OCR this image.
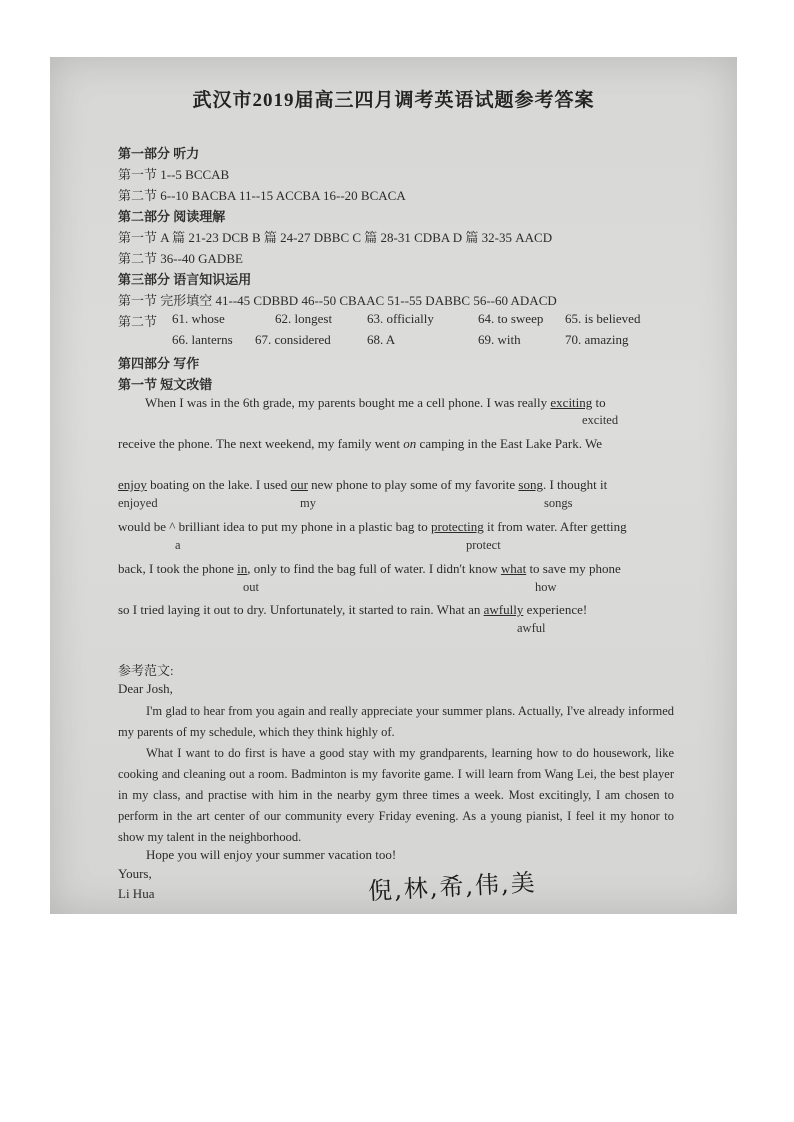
武汉市2019届高三四月调考英语试题参考答案
第一部分 听力
第一节 1--5 BCCAB
第二节 6--10 BACBA 11--15 ACCBA 16--20 BCACA
第二部分 阅读理解
第一节 A 篇 21-23 DCB B 篇 24-27 DBBC C 篇 28-31 CDBA D 篇 32-35 AACD
第二节 36--40 GADBE
第三部分 语言知识运用
第一节 完形填空 41--45 CDBBD 46--50 CBAAC 51--55 DABBC 56--60 ADACD
第二节 61. whose	62. longest	63. officially	64. to sweep 65. is believed
66. lanterns 67. considered	68. A	69. with	70. amazing
第四部分 写作
第一节 短文改错
When I was in the 6th grade, my parents bought me a cell phone. I was really exciting to
excited
receive the phone. The next weekend, my family went on camping in the East Lake Park. We
enjoy boating on the lake. I used our new phone to play some of my favorite song. I thought it
enjoyed	my	songs
would be ^ brilliant idea to put my phone in a plastic bag to protecting it from water. After getting
a	protect
back, I took the phone in, only to find the bag full of water. I didn't know what to save my phone
out	how
so I tried laying it out to dry. Unfortunately, it started to rain. What an awfully experience!
awful
参考范文:
Dear Josh,
I'm glad to hear from you again and really appreciate your summer plans. Actually, I've already informed my parents of my schedule, which they think highly of.
What I want to do first is have a good stay with my grandparents, learning how to do housework, like cooking and cleaning out a room. Badminton is my favorite game. I will learn from Wang Lei, the best player in my class, and practise with him in the nearby gym three times a week. Most excitingly, I am chosen to perform in the art center of our community every Friday evening. As a young pianist, I feel it my honor to show my talent in the neighborhood.
Hope you will enjoy your summer vacation too!
Yours,
Li Hua	倪,林,希,伟,美
